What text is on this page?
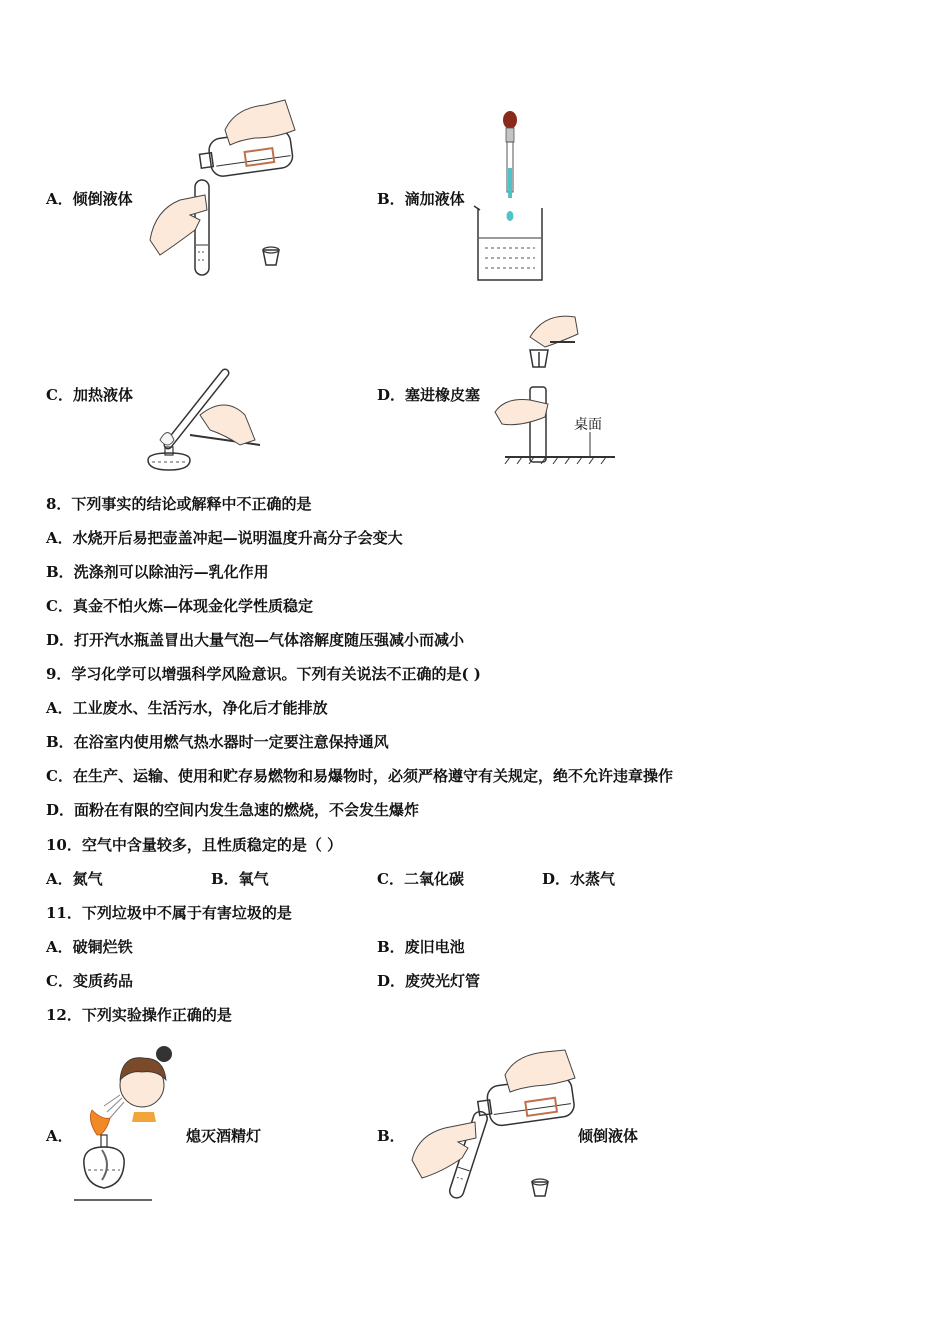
A．倾倒液体	B．滴加液体
C．加热液体	D．塞进橡皮塞
桌面
8．下列事实的结论或解释中不正确的是
A．水烧开后易把壶盖冲起—说明温度升高分子会变大
B．洗涤剂可以除油污—乳化作用
C．真金不怕火炼—体现金化学性质稳定
D．打开汽水瓶盖冒出大量气泡—气体溶解度随压强减小而减小
9．学习化学可以增强科学风险意识。下列有关说法不正确的是( )
A．工业废水、生活污水，净化后才能排放
B．在浴室内使用燃气热水器时一定要注意保持通风
C．在生产、运输、使用和贮存易燃物和易爆物时，必须严格遵守有关规定，绝不允许违章操作
D．面粉在有限的空间内发生急速的燃烧，不会发生爆炸
10．空气中含量较多，且性质稳定的是（ ）
A．氮气	B．氧气	C．二氧化碳	D．水蒸气
11．下列垃圾中不属于有害垃圾的是
A．破铜烂铁	B．废旧电池
C．变质药品	D．废荧光灯管
12．下列实验操作正确的是
A．	熄灭酒精灯	B．	倾倒液体
